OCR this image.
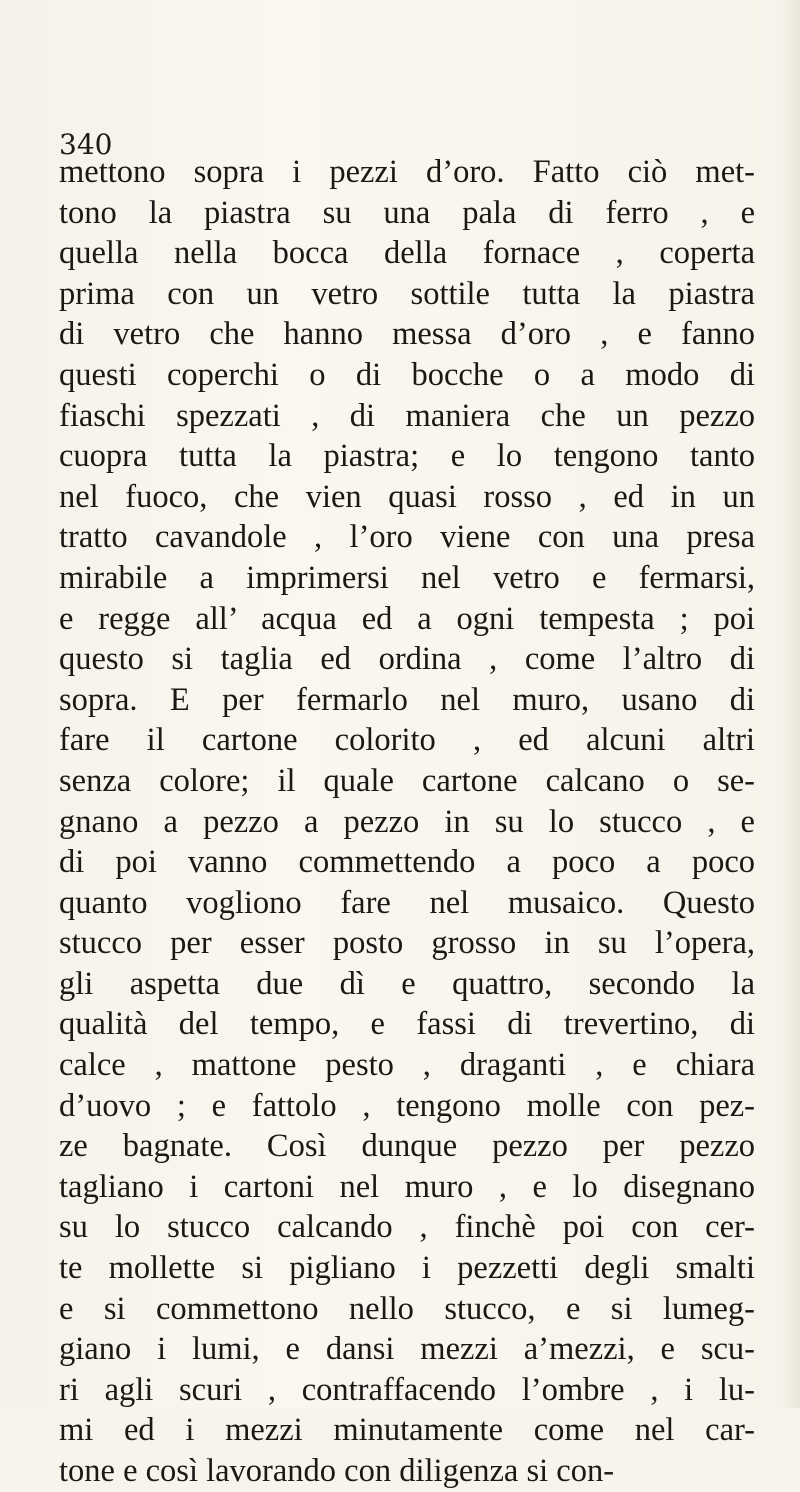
340
mettono sopra i pezzi d’oro. Fatto ciò met-
tono la piastra su una pala di ferro , e
quella nella bocca della fornace , coperta
prima con un vetro sottile tutta la piastra
di vetro che hanno messa d’oro , e fanno
questi coperchi o di bocche o a modo di
fiaschi spezzati , di maniera che un pezzo
cuopra tutta la piastra; e lo tengono tanto
nel fuoco, che vien quasi rosso , ed in un
tratto cavandole , l’oro viene con una presa
mirabile a imprimersi nel vetro e fermarsi,
e regge all’ acqua ed a ogni tempesta ; poi
questo si taglia ed ordina , come l’altro di
sopra. E per fermarlo nel muro, usano di
fare il cartone colorito , ed alcuni altri
senza colore; il quale cartone calcano o se-
gnano a pezzo a pezzo in su lo stucco , e
di poi vanno commettendo a poco a poco
quanto vogliono fare nel musaico. Questo
stucco per esser posto grosso in su l’opera,
gli aspetta due dì e quattro, secondo la
qualità del tempo, e fassi di trevertino, di
calce , mattone pesto , draganti , e chiara
d’uovo ; e fattolo , tengono molle con pez-
ze bagnate. Così dunque pezzo per pezzo
tagliano i cartoni nel muro , e lo disegnano
su lo stucco calcando , finchè poi con cer-
te mollette si pigliano i pezzetti degli smalti
e si commettono nello stucco, e si lumeg-
giano i lumi, e dansi mezzi a’mezzi, e scu-
ri agli scuri , contraffacendo l’ombre , i lu-
mi ed i mezzi minutamente come nel car-
tone e così lavorando con diligenza si con-
